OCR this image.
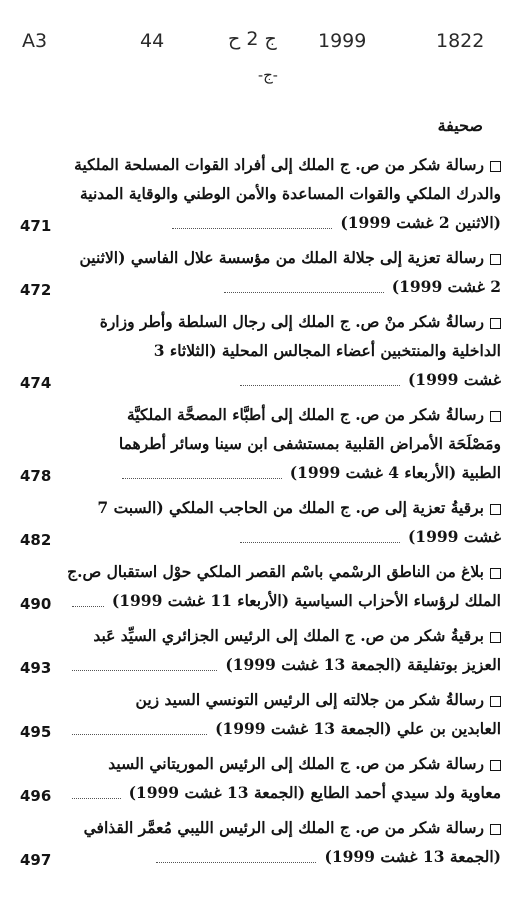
A3	44	ج 2 ح 1999	1822
-ج-
صحيفة
رسالة شكر من ص. ج الملك إلى أفراد القوات المسلحة الملكية
والدرك الملكي والقوات المساعدة والأمن الوطني والوقاية المدنية
(الاثنين 2 غشت 1999)
471
رسالة تعزية إلى جلالة الملك من مؤسسة علال الفاسي (الاثنين
2 غشت 1999)
472
رسالةُ شكر منْ ص. ج الملك إلى رجال السلطة وأطر وزارة
الداخلية والمنتخبين أعضاء المجالس المحلية (الثلاثاء 3
غشت 1999)
474
رسالةُ شكر من ص. ج الملك إلى أطبَّاء المصحَّة الملكيَّة
ومَصْلَحَة الأمراض القلبية بمستشفى ابن سينا وسائر أطرهما
الطبية (الأربعاء 4 غشت 1999)
478
برقيةُ تعزية إلى ص. ج الملك من الحاجب الملكي (السبت 7
غشت 1999)
482
بلاغ من الناطق الرسْمي باسْم القصر الملكي حوْل استقبال ص.ج
الملك لرؤساء الأحزاب السياسية (الأربعاء 11 غشت 1999)
490
برقيةُ شكر من ص. ج الملك إلى الرئيس الجزائري السيِّد عَبد
العزيز بوتفليقة (الجمعة 13 غشت 1999)
493
رسالةُ شكر من جلالته إلى الرئيس التونسي السيد زين
العابدين بن علي (الجمعة 13 غشت 1999)
495
رسالة شكر من ص. ج الملك إلى الرئيس الموريتاني السيد
معاوية ولد سيدي أحمد الطايع (الجمعة 13 غشت 1999)
496
رسالة شكر من ص. ج الملك إلى الرئيس الليبي مُعمَّر القذافي
(الجمعة 13 غشت 1999)
497
